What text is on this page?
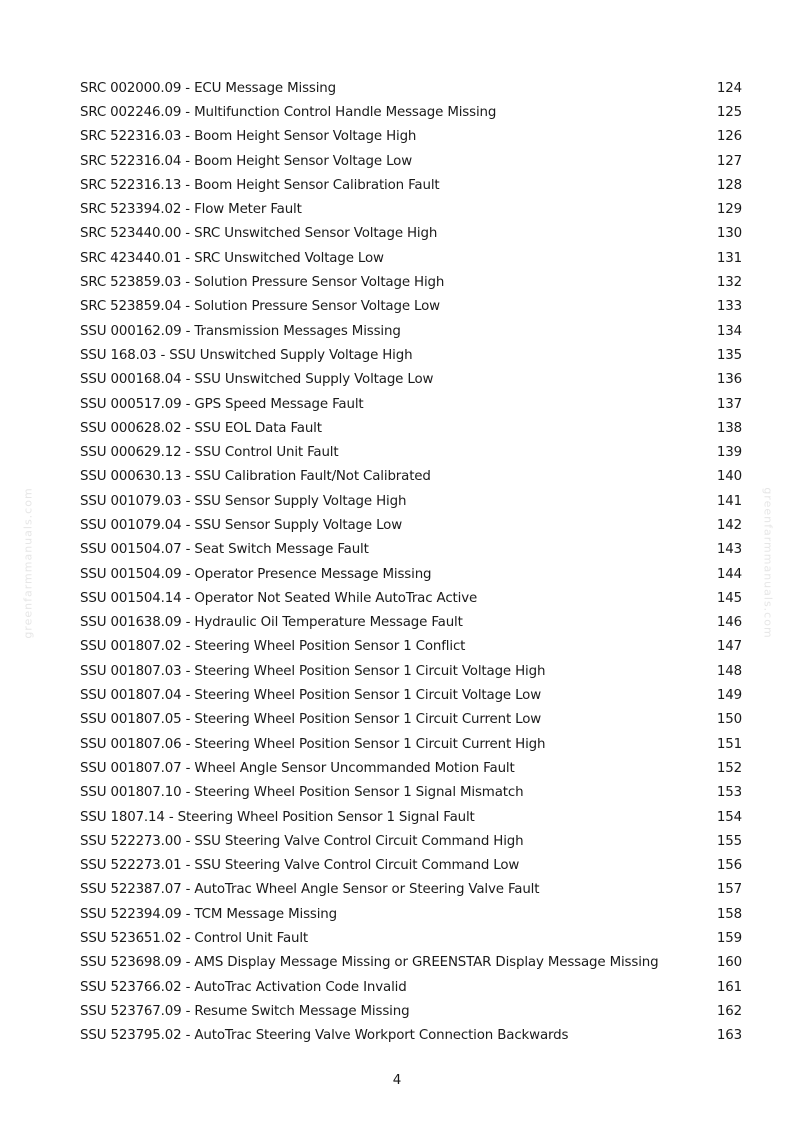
greenfarmmanuals.com	greenfarmmanuals.com
SRC 002000.09 - ECU Message Missing	124
SRC 002246.09 - Multifunction Control Handle Message Missing	125
SRC 522316.03 - Boom Height Sensor Voltage High	126
SRC 522316.04 - Boom Height Sensor Voltage Low	127
SRC 522316.13 - Boom Height Sensor Calibration Fault	128
SRC 523394.02 - Flow Meter Fault	129
SRC 523440.00 - SRC Unswitched Sensor Voltage High	130
SRC 423440.01 - SRC Unswitched Voltage Low	131
SRC 523859.03 - Solution Pressure Sensor Voltage High	132
SRC 523859.04 - Solution Pressure Sensor Voltage Low	133
SSU 000162.09 - Transmission Messages Missing	134
SSU 168.03 - SSU Unswitched Supply Voltage High	135
SSU 000168.04 - SSU Unswitched Supply Voltage Low	136
SSU 000517.09 - GPS Speed Message Fault	137
SSU 000628.02 - SSU EOL Data Fault	138
SSU 000629.12 - SSU Control Unit Fault	139
SSU 000630.13 - SSU Calibration Fault/Not Calibrated	140
SSU 001079.03 - SSU Sensor Supply Voltage High	141
SSU 001079.04 - SSU Sensor Supply Voltage Low	142
SSU 001504.07 - Seat Switch Message Fault	143
SSU 001504.09 - Operator Presence Message Missing	144
SSU 001504.14 - Operator Not Seated While AutoTrac Active	145
SSU 001638.09 - Hydraulic Oil Temperature Message Fault	146
SSU 001807.02 - Steering Wheel Position Sensor 1 Conflict	147
SSU 001807.03 - Steering Wheel Position Sensor 1 Circuit Voltage High	148
SSU 001807.04 - Steering Wheel Position Sensor 1 Circuit Voltage Low	149
SSU 001807.05 - Steering Wheel Position Sensor 1 Circuit Current Low	150
SSU 001807.06 - Steering Wheel Position Sensor 1 Circuit Current High	151
SSU 001807.07 - Wheel Angle Sensor Uncommanded Motion Fault	152
SSU 001807.10 - Steering Wheel Position Sensor 1 Signal Mismatch	153
SSU 1807.14 - Steering Wheel Position Sensor 1 Signal Fault	154
SSU 522273.00 - SSU Steering Valve Control Circuit Command High	155
SSU 522273.01 - SSU Steering Valve Control Circuit Command Low	156
SSU 522387.07 - AutoTrac Wheel Angle Sensor or Steering Valve Fault	157
SSU 522394.09 - TCM Message Missing	158
SSU 523651.02 - Control Unit Fault	159
SSU 523698.09 - AMS Display Message Missing or GREENSTAR Display Message Missing	160
SSU 523766.02 - AutoTrac Activation Code Invalid	161
SSU 523767.09 - Resume Switch Message Missing	162
SSU 523795.02 - AutoTrac Steering Valve Workport Connection Backwards	163
4
